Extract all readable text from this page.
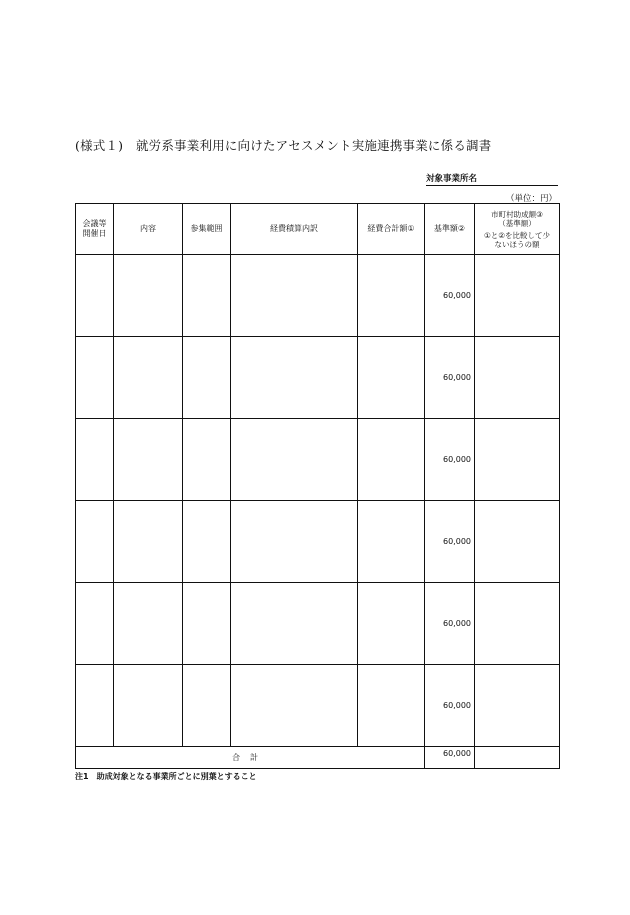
(様式１)　就労系事業利用に向けたアセスメント実施連携事業に係る調書
対象事業所名
（単位：円）
会議等
開催日	内容	参集範囲	経費積算内訳	経費合計額①	基準額②	市町村助成額③
（基準額）
①と②を比較して少
ないほうの額

					60,000	
					60,000	
					60,000	
					60,000	
					60,000	
					60,000	
合計					60,000	
注1　助成対象となる事業所ごとに別葉とすること
